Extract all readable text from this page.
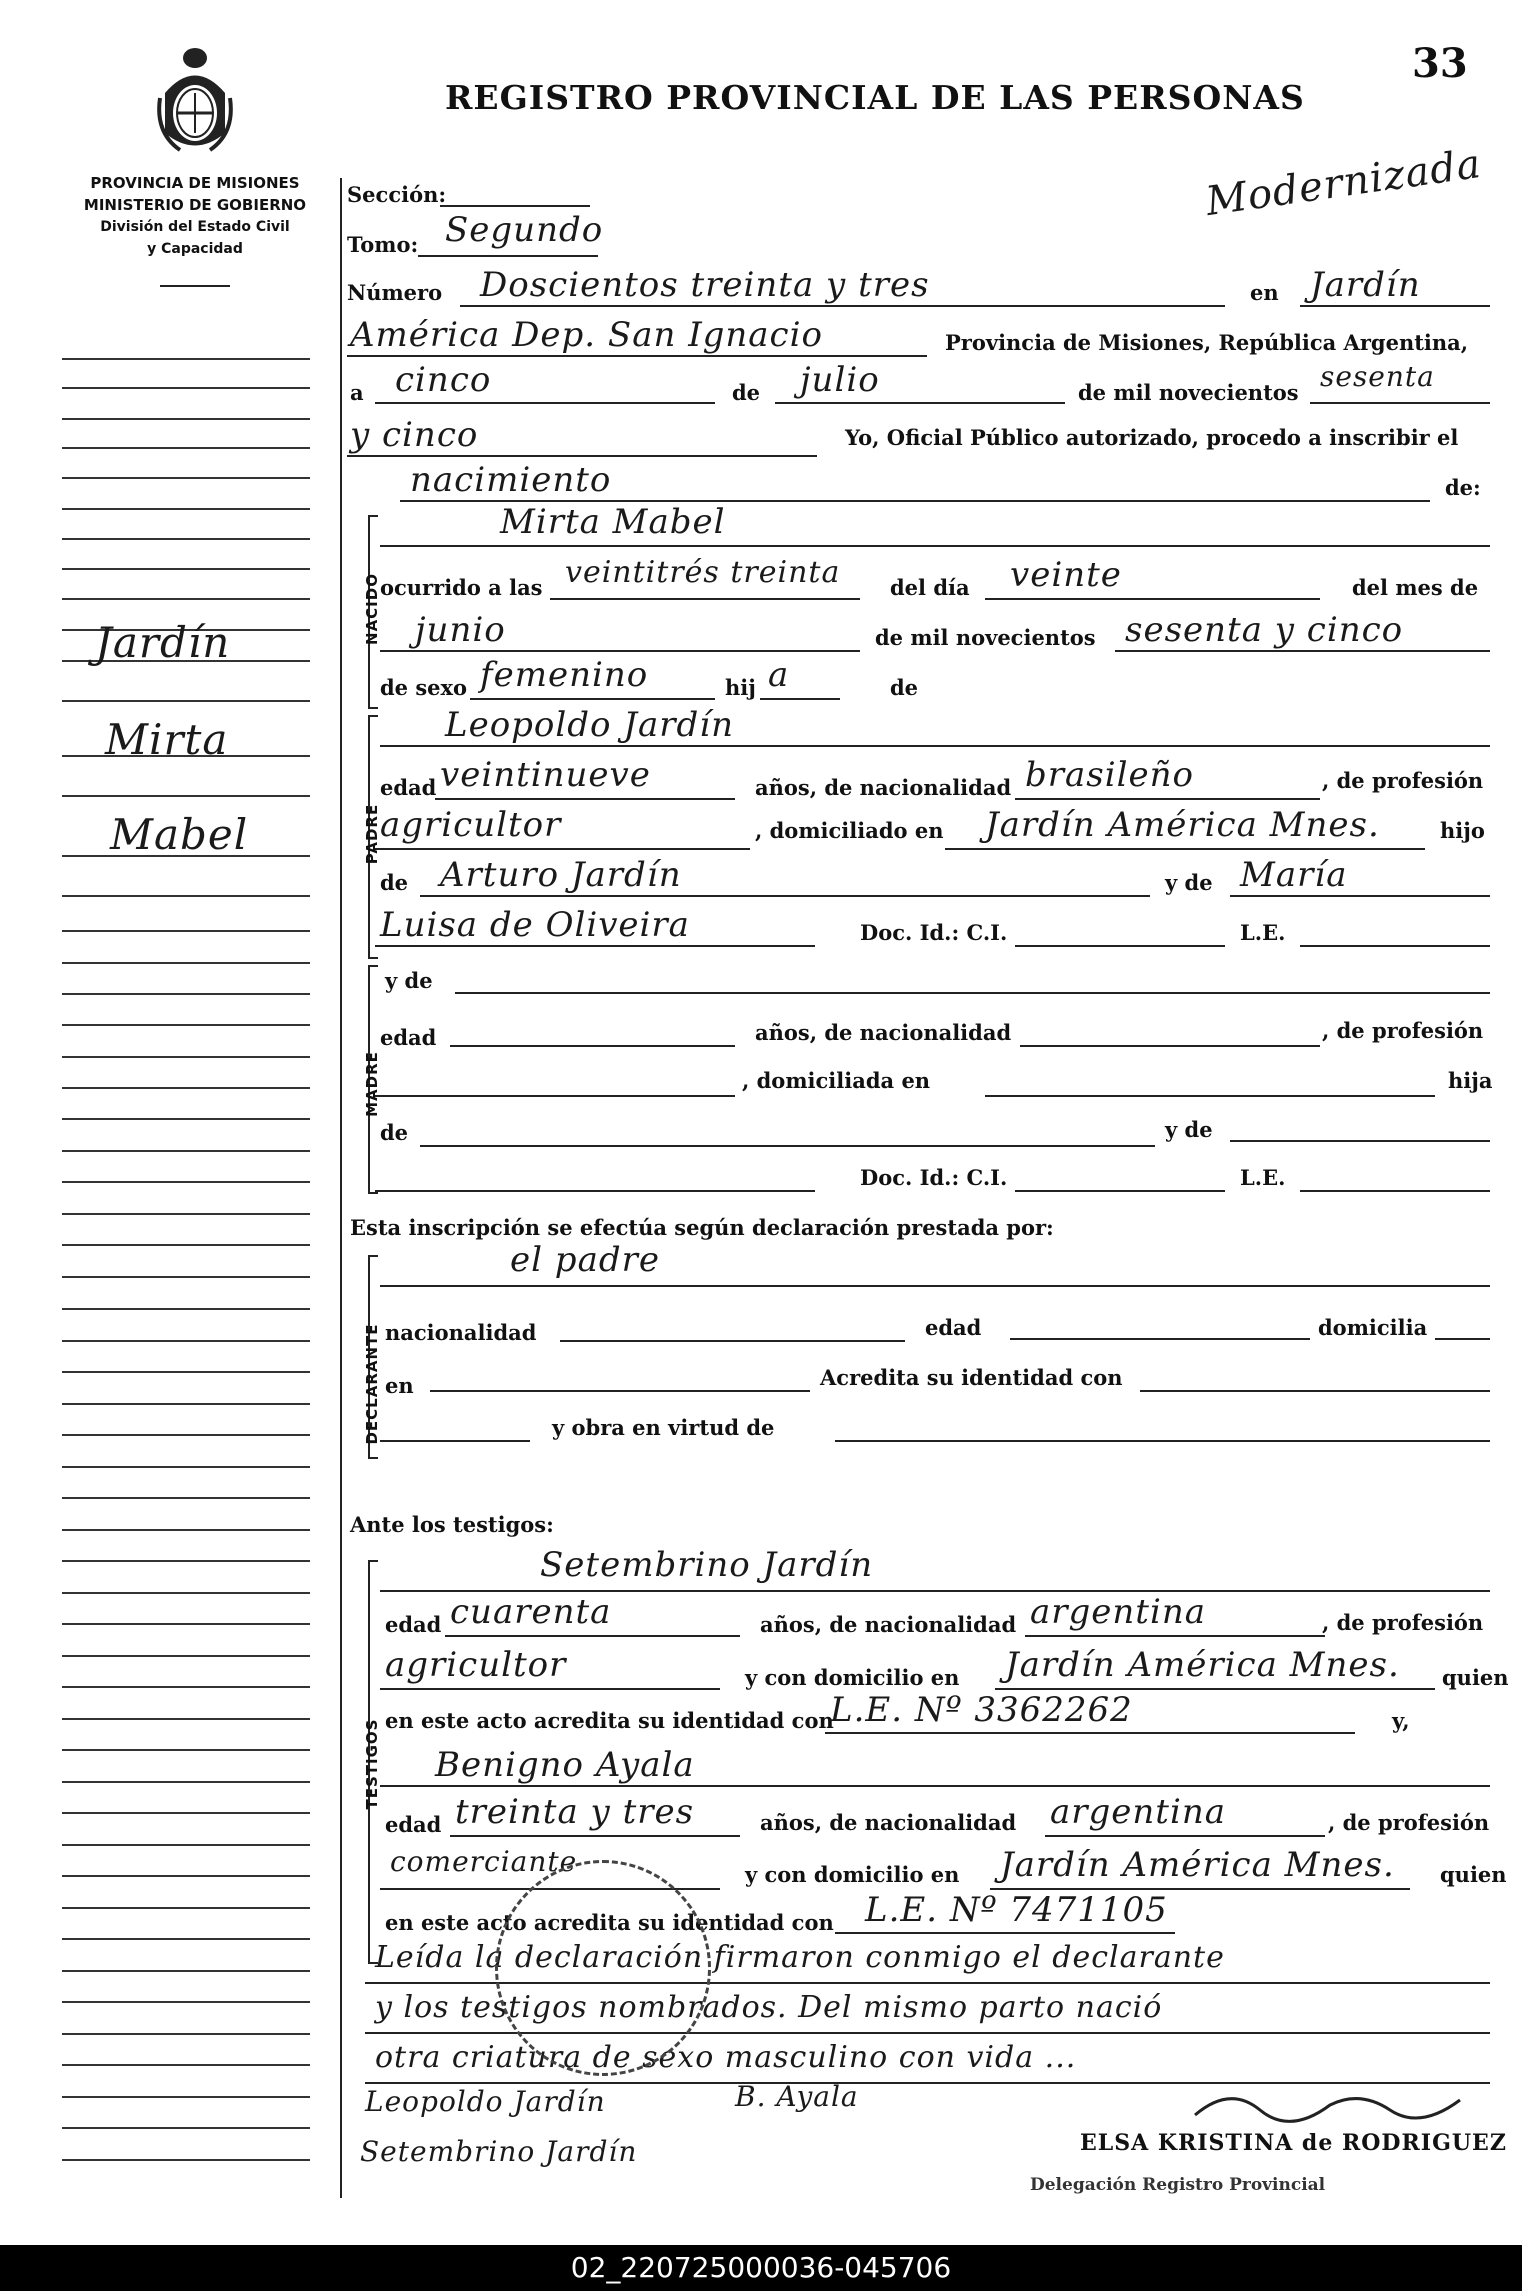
PROVINCIA DE MISIONES
MINISTERIO DE GOBIERNO
División del Estado Civil
y Capacidad
REGISTRO PROVINCIAL DE LAS PERSONAS
33
Modernizada
Jardín
Mirta
Mabel
Sección:
Tomo: Segundo
Número Doscientos treinta y tres	en Jardín
América Dep. San Ignacio	Provincia de Misiones, República Argentina,
a cinco	de julio	de mil novecientos sesenta
y cinco	Yo, Oficial Público autorizado, procedo a inscribir el
nacimiento	de:
NACIDO
Mirta Mabel
ocurrido a las veintitrés treinta del día veinte	del mes de
junio	de mil novecientos sesenta y cinco
de sexo femenino	hij a	de
PADRE
Leopoldo Jardín
edad veintinueve	años, de nacionalidad brasileño	, de profesión
agricultor	, domiciliado en Jardín América Mnes.	hijo
de Arturo Jardín	y de María
Luisa de Oliveira	Doc. Id.: C.I.	L.E.
MADRE
y de
edad	años, de nacionalidad	, de profesión
, domiciliada en	hija
de	y de
Doc. Id.: C.I.	L.E.
Esta inscripción se efectúa según declaración prestada por:
DECLARANTE
el padre
nacionalidad	edad	domicilia
en	Acredita su identidad con
y obra en virtud de
Ante los testigos:
TESTIGOS
Setembrino Jardín
edad cuarenta	años, de nacionalidad argentina	, de profesión
agricultor	y con domicilio en Jardín América Mnes. quien
en este acto acredita su identidad con
L.E. Nº 3362262	y,
Benigno Ayala
edad treinta y tres	años, de nacionalidad argentina	, de profesión
comerciante	y con domicilio en Jardín América Mnes. quien
en este acto acredita su identidad con L.E. Nº 7471105
Leída la declaración firmaron conmigo el declarante
y los testigos nombrados. Del mismo parto nació
otra criatura de sexo masculino con vida ...
Leopoldo Jardín	B. Ayala
Setembrino Jardín	ELSA KRISTINA de RODRIGUEZ
Delegación Registro Provincial
02_220725000036-045706
